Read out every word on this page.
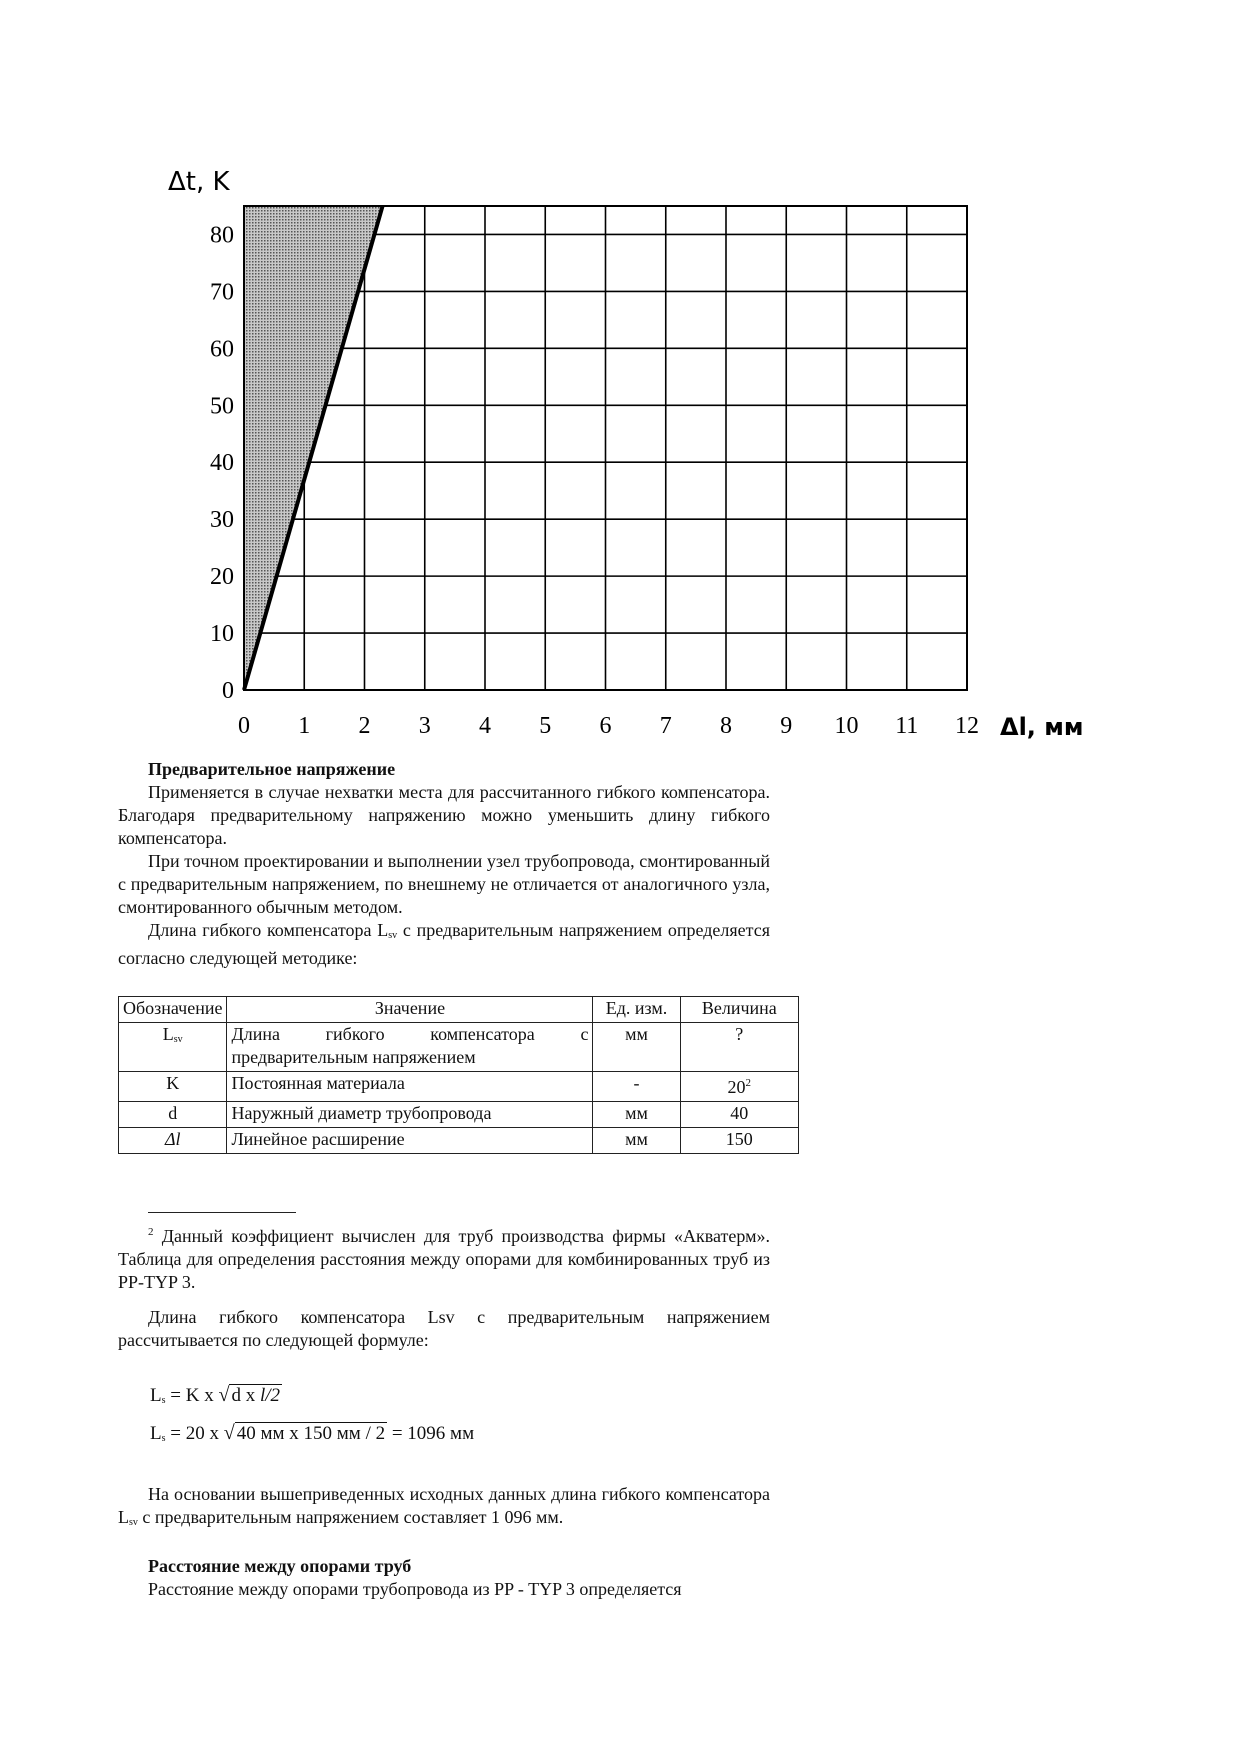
0 1 2 3 4 5 6 7 8 9 10 11 12
0
10
20
30
40
50
60
70
80
Δt, K
Δl, мм
Предварительное напряжение

Применяется в случае нехватки места для рассчитанного гибкого компенсатора. Благодаря предварительному напряжению можно уменьшить длину гибкого компенсатора.

При точном проектировании и выполнении узел трубопровода, смонтированный с предварительным напряжением, по внешнему не отличается от аналогичного узла, смонтированного обычным методом.

Длина гибкого компенсатора $L_{sv}$ с предварительным напряжением определяется согласно следующей методике:

Обозначение	Значение	Ед. изм.	Величина
$L_{sv}$	Длина гибкого компенсатора с предварительным напряжением	мм	?
K	Постоянная материала	-	$20^2$
d	Наружный диаметр трубопровода	мм	40
Δl	Линейное расширение	мм	150

$^2$ Данный коэффициент вычислен для труб производства фирмы «Акватерм». Таблица для определения расстояния между опорами для комбинированных труб из PP-TYP 3.

Длина гибкого компенсатора Lsv с предварительным напряжением рассчитывается по следующей формуле:

$L_s = K$ x √ d x l/2
$L_s = 20$ x √ 40 мм x 150 мм / 2 = 1096 мм

На основании вышеприведенных исходных данных длина гибкого компенсатора $L_{sv}$ с предварительным напряжением составляет 1 096 мм.

Расстояние между опорами труб

Расстояние между опорами трубопровода из PP - TYP 3 определяется
